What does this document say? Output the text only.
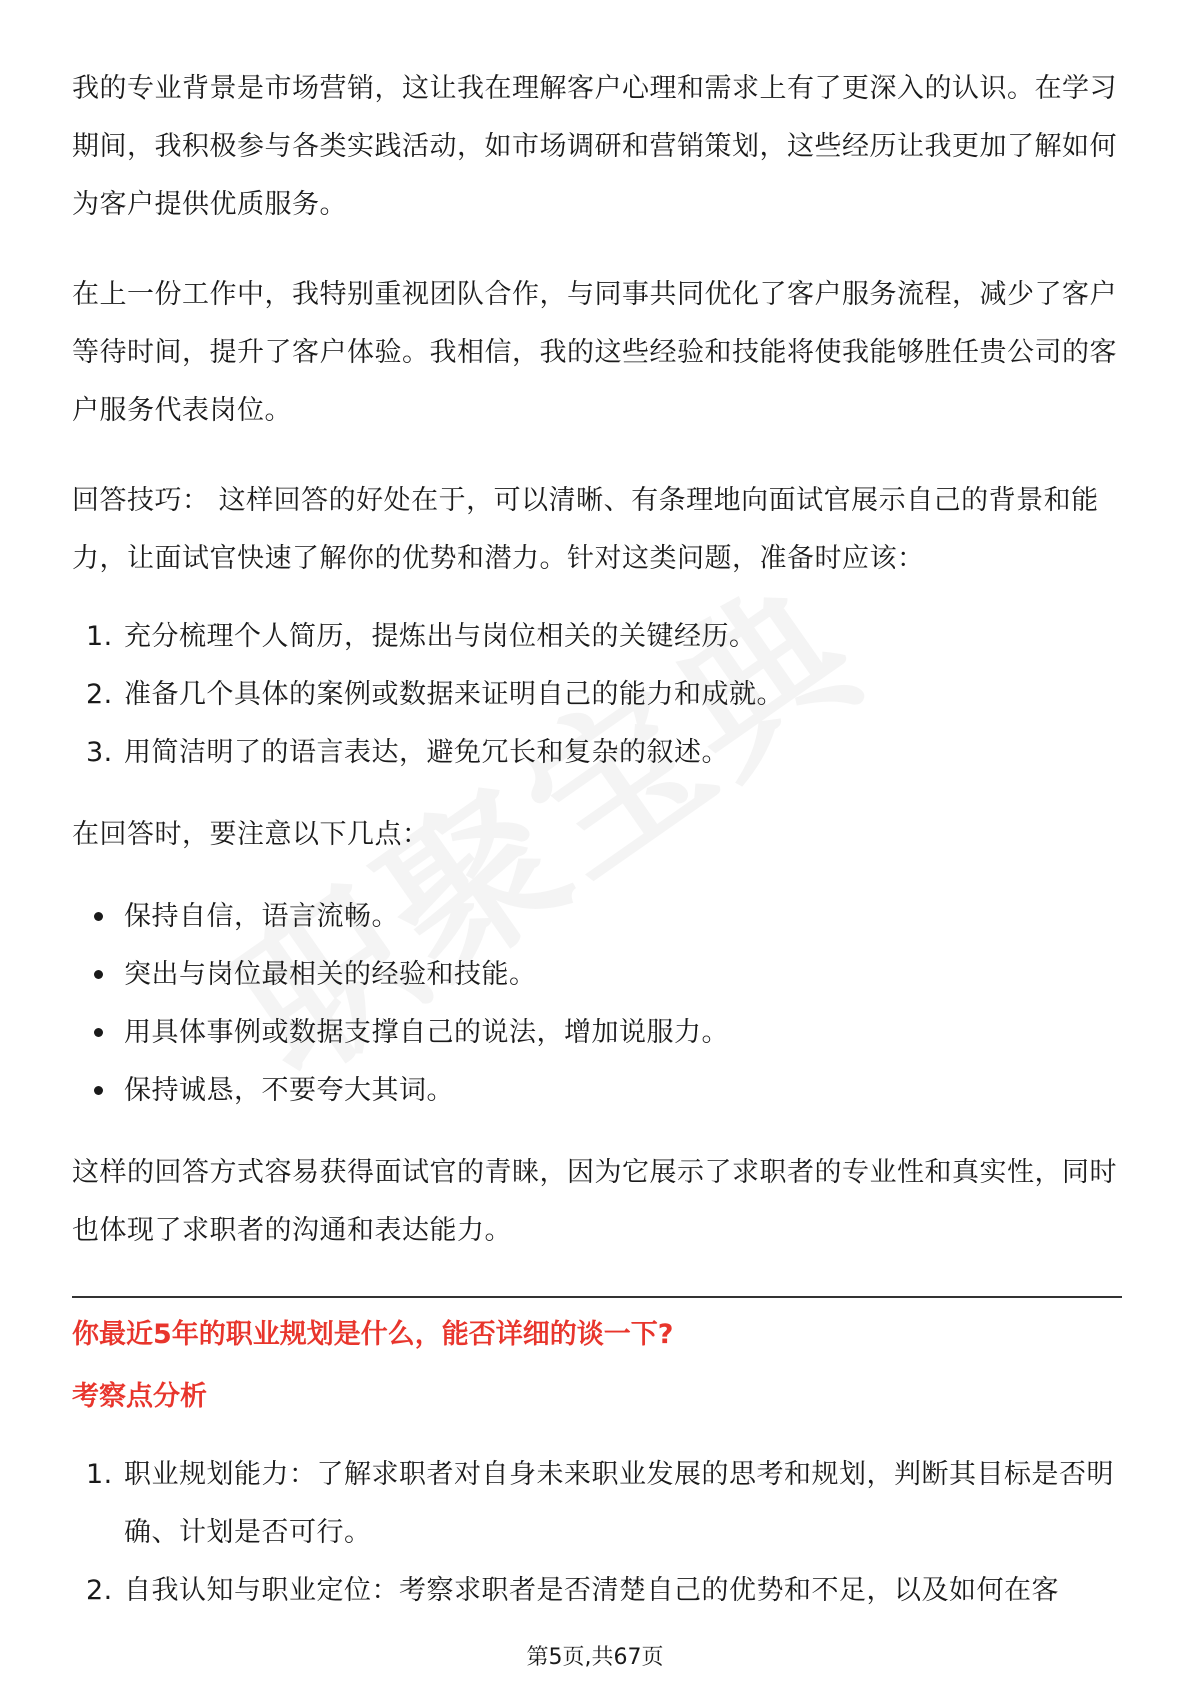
我的专业背景是市场营销，这让我在理解客户心理和需求上有了更深入的认识。在学习期间，我积极参与各类实践活动，如市场调研和营销策划，这些经历让我更加了解如何为客户提供优质服务。

在上一份工作中，我特别重视团队合作，与同事共同优化了客户服务流程，减少了客户等待时间，提升了客户体验。我相信，我的这些经验和技能将使我能够胜任贵公司的客户服务代表岗位。

回答技巧： 这样回答的好处在于，可以清晰、有条理地向面试官展示自己的背景和能力，让面试官快速了解你的优势和潜力。针对这类问题，准备时应该：

1. 充分梳理个人简历，提炼出与岗位相关的关键经历。
2. 准备几个具体的案例或数据来证明自己的能力和成就。
3. 用简洁明了的语言表达，避免冗长和复杂的叙述。

在回答时，要注意以下几点：

保持自信，语言流畅。
突出与岗位最相关的经验和技能。
用具体事例或数据支撑自己的说法，增加说服力。
保持诚恳，不要夸大其词。

这样的回答方式容易获得面试官的青睐，因为它展示了求职者的专业性和真实性，同时也体现了求职者的沟通和表达能力。

你最近5年的职业规划是什么，能否详细的谈一下?

考察点分析

1. 职业规划能力：了解求职者对自身未来职业发展的思考和规划，判断其目标是否明确、计划是否可行。
2. 自我认知与职业定位：考察求职者是否清楚自己的优势和不足，以及如何在客
第5页,共67页
